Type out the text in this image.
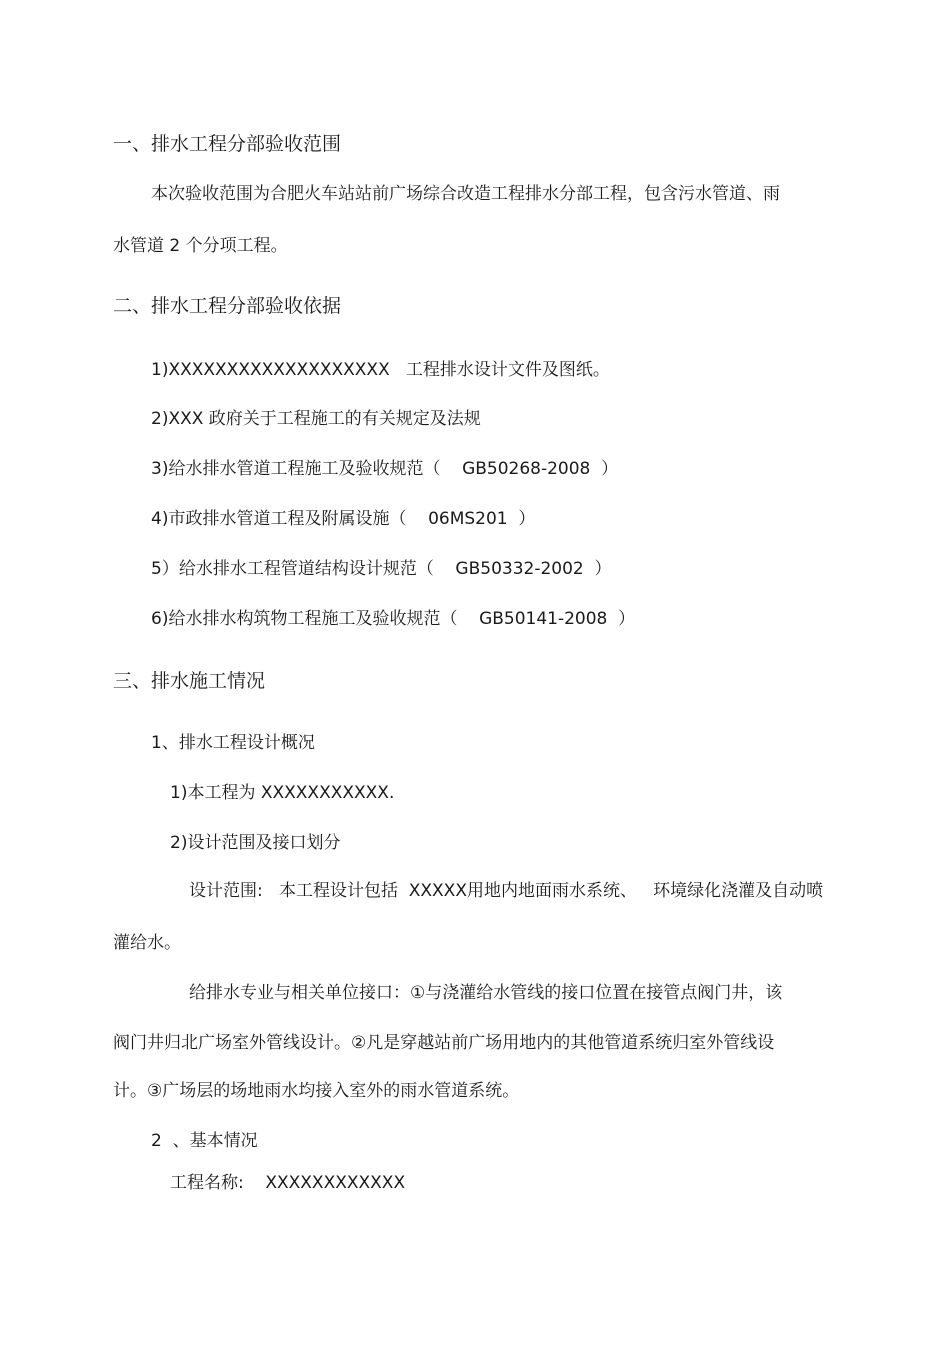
一、排水工程分部验收范围
本次验收范围为合肥火车站站前广场综合改造工程排水分部工程，包含污水管道、雨
水管道 2 个分项工程。
二、排水工程分部验收依据
1)XXXXXXXXXXXXXXXXXXX   工程排水设计文件及图纸。
2)XXX 政府关于工程施工的有关规定及法规
3)给水排水管道工程施工及验收规范（    GB50268-2008  ）
4)市政排水管道工程及附属设施（    06MS201  ）
5）给水排水工程管道结构设计规范（    GB50332-2002  ）
6)给水排水构筑物工程施工及验收规范（    GB50141-2008  ）
三、排水施工情况
1、排水工程设计概况
1)本工程为 XXXXXXXXXXX.
2)设计范围及接口划分
设计范围:   本工程设计包括  XXXXX用地内地面雨水系统、   环境绿化浇灌及自动喷
灌给水。
给排水专业与相关单位接口：①与浇灌给水管线的接口位置在接管点阀门井，该
阀门井归北广场室外管线设计。②凡是穿越站前广场用地内的其他管道系统归室外管线设
计。③广场层的场地雨水均接入室外的雨水管道系统。
2  、基本情况
工程名称:    XXXXXXXXXXXX
